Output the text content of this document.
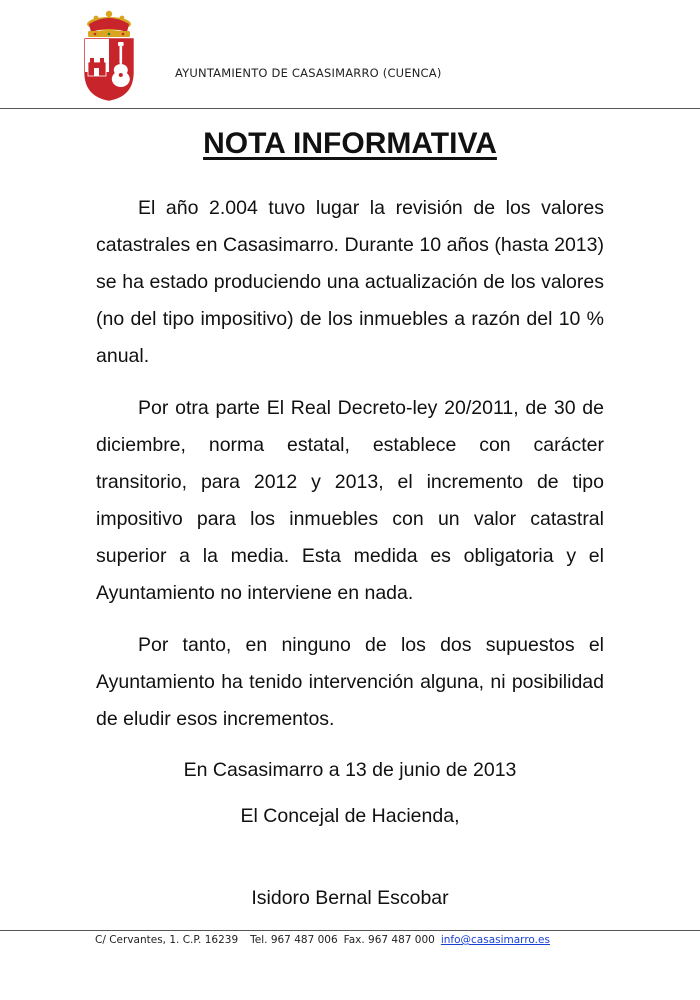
AYUNTAMIENTO DE CASASIMARRO (CUENCA)
NOTA INFORMATIVA

El año 2.004 tuvo lugar la revisión de los valores catastrales en Casasimarro. Durante 10 años (hasta 2013) se ha estado produciendo una actualización de los valores (no del tipo impositivo) de los inmuebles a razón del 10 % anual.

Por otra parte El Real Decreto-ley 20/2011, de 30 de diciembre, norma estatal, establece con carácter transitorio, para 2012 y 2013, el incremento de tipo impositivo para los inmuebles con un valor catastral superior a la media. Esta medida es obligatoria y el Ayuntamiento no interviene en nada.

Por tanto, en ninguno de los dos supuestos el Ayuntamiento ha tenido intervención alguna, ni posibilidad de eludir esos incrementos.

En Casasimarro a 13 de junio de 2013
El Concejal de Hacienda,
Isidoro Bernal Escobar
C/ Cervantes, 1. C.P. 16239 Tel. 967 487 006 Fax. 967 487 000 info@casasimarro.es
